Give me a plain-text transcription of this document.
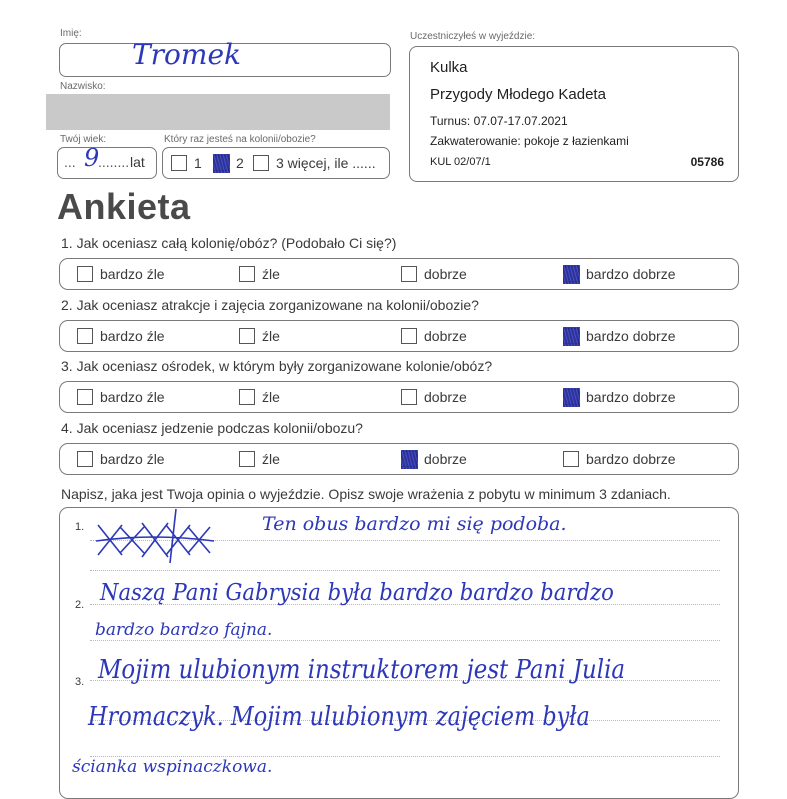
Imię:
Tromek
Nazwisko:
Twój wiek:
... 9
........ lat
Który raz jesteś na kolonii/obozie?
1 2 3 więcej, ile ......
Uczestniczyłeś w wyjeździe:
Kulka
Przygody Młodego Kadeta
Turnus: 07.07-17.07.2021
Zakwaterowanie: pokoje z łazienkami
KUL 02/07/1	05786
Ankieta
1. Jak oceniasz całą kolonię/obóz? (Podobało Ci się?)
bardzo źle	źle	dobrze	bardzo dobrze
2. Jak oceniasz atrakcje i zajęcia zorganizowane na kolonii/obozie?
bardzo źle	źle	dobrze	bardzo dobrze
3. Jak oceniasz ośrodek, w którym były zorganizowane kolonie/obóz?
bardzo źle	źle	dobrze	bardzo dobrze
4. Jak oceniasz jedzenie podczas kolonii/obozu?
bardzo źle	źle	dobrze	bardzo dobrze
Napisz, jaka jest Twoja opinia o wyjeździe. Opisz swoje wrażenia z pobytu w minimum 3 zdaniach.
1.
2.
3.
Ten obus bardzo mi się podoba.
Naszą Pani Gabrysia była bardzo bardzo bardzo
bardzo bardzo fajna.
Mojim ulubionym instruktorem jest Pani Julia
Hromaczyk. Mojim ulubionym zajęciem była
ścianka wspinaczkowa.
